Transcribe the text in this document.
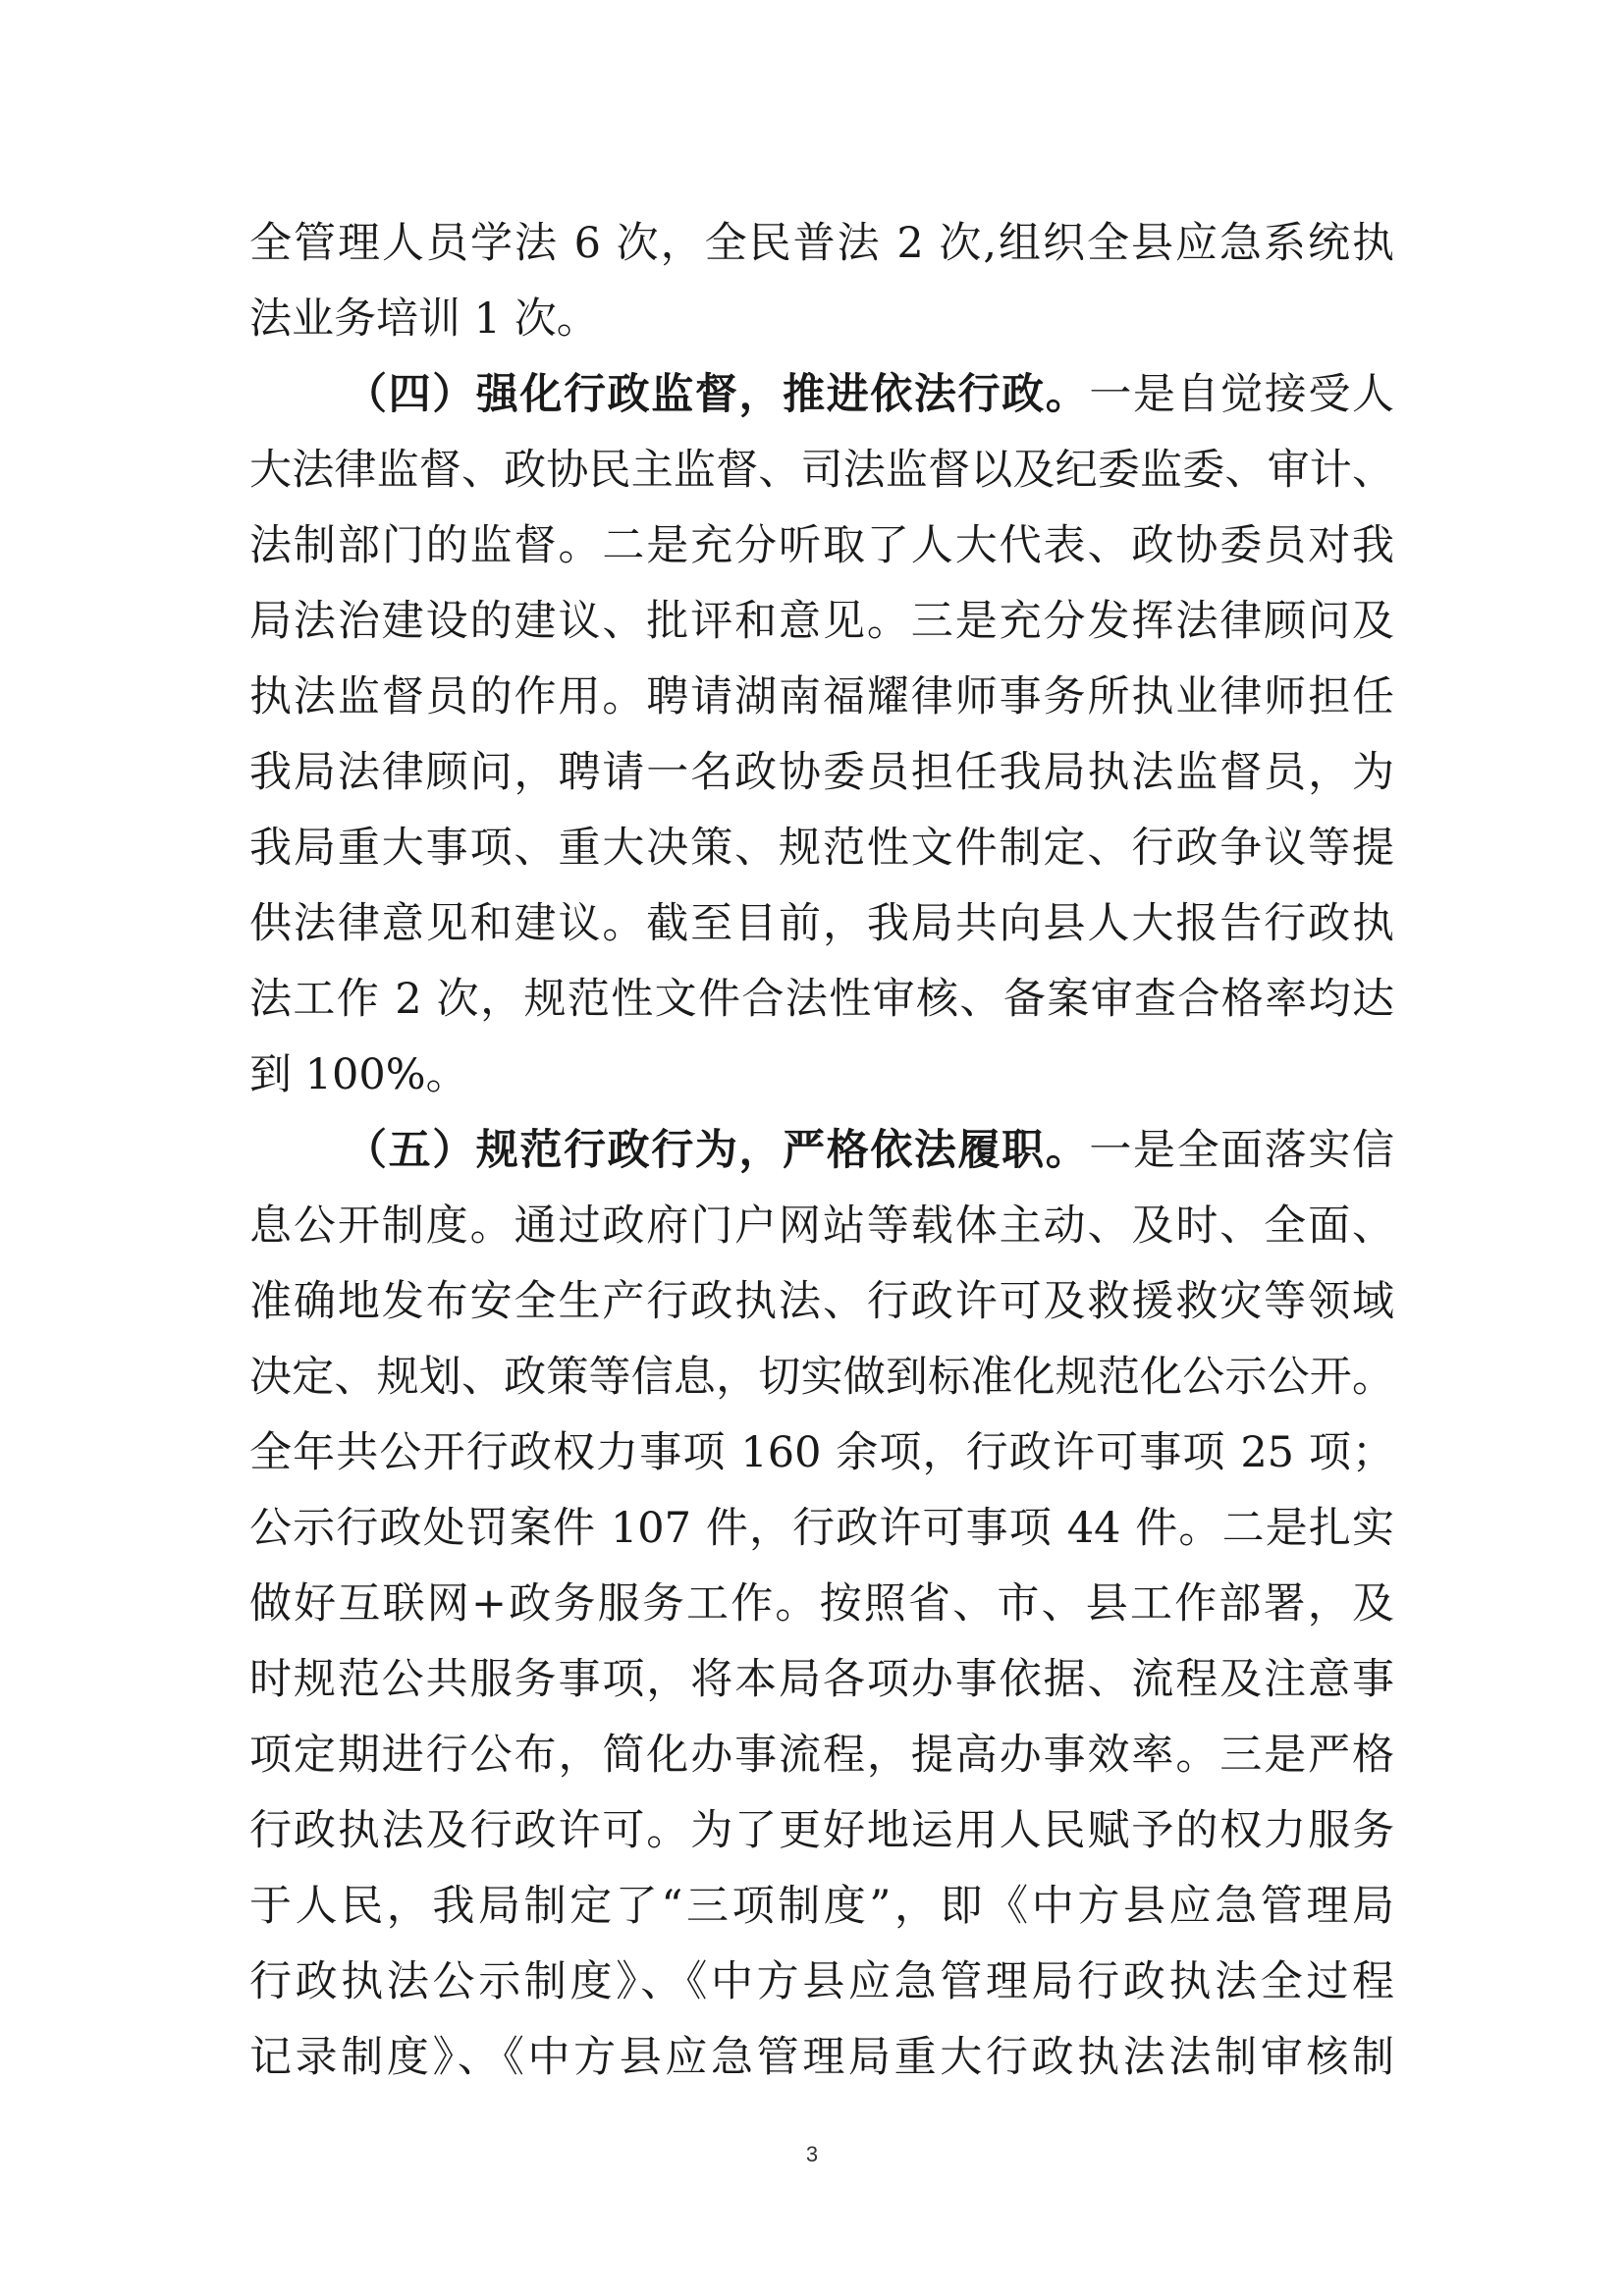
全管理人员学法 6 次，全民普法 2 次,组织全县应急系统执
法业务培训 1 次。
（四）强化行政监督，推进依法行政。一是自觉接受人
大法律监督、政协民主监督、司法监督以及纪委监委、审计、
法制部门的监督。二是充分听取了人大代表、政协委员对我
局法治建设的建议、批评和意见。三是充分发挥法律顾问及
执法监督员的作用。聘请湖南福耀律师事务所执业律师担任
我局法律顾问，聘请一名政协委员担任我局执法监督员，为
我局重大事项、重大决策、规范性文件制定、行政争议等提
供法律意见和建议。截至目前，我局共向县人大报告行政执
法工作 2 次，规范性文件合法性审核、备案审查合格率均达
到 100%。
（五）规范行政行为，严格依法履职。一是全面落实信
息公开制度。通过政府门户网站等载体主动、及时、全面、
准确地发布安全生产行政执法、行政许可及救援救灾等领域
决定、规划、政策等信息，切实做到标准化规范化公示公开。
全年共公开行政权力事项 160 余项，行政许可事项 25 项；
公示行政处罚案件 107 件，行政许可事项 44 件。二是扎实
做好互联网+政务服务工作。按照省、市、县工作部署，及
时规范公共服务事项，将本局各项办事依据、流程及注意事
项定期进行公布，简化办事流程，提高办事效率。三是严格
行政执法及行政许可。为了更好地运用人民赋予的权力服务
于人民，我局制定了“三项制度”，即《中方县应急管理局
行政执法公示制度》、《中方县应急管理局行政执法全过程
记录制度》、《中方县应急管理局重大行政执法法制审核制
3
